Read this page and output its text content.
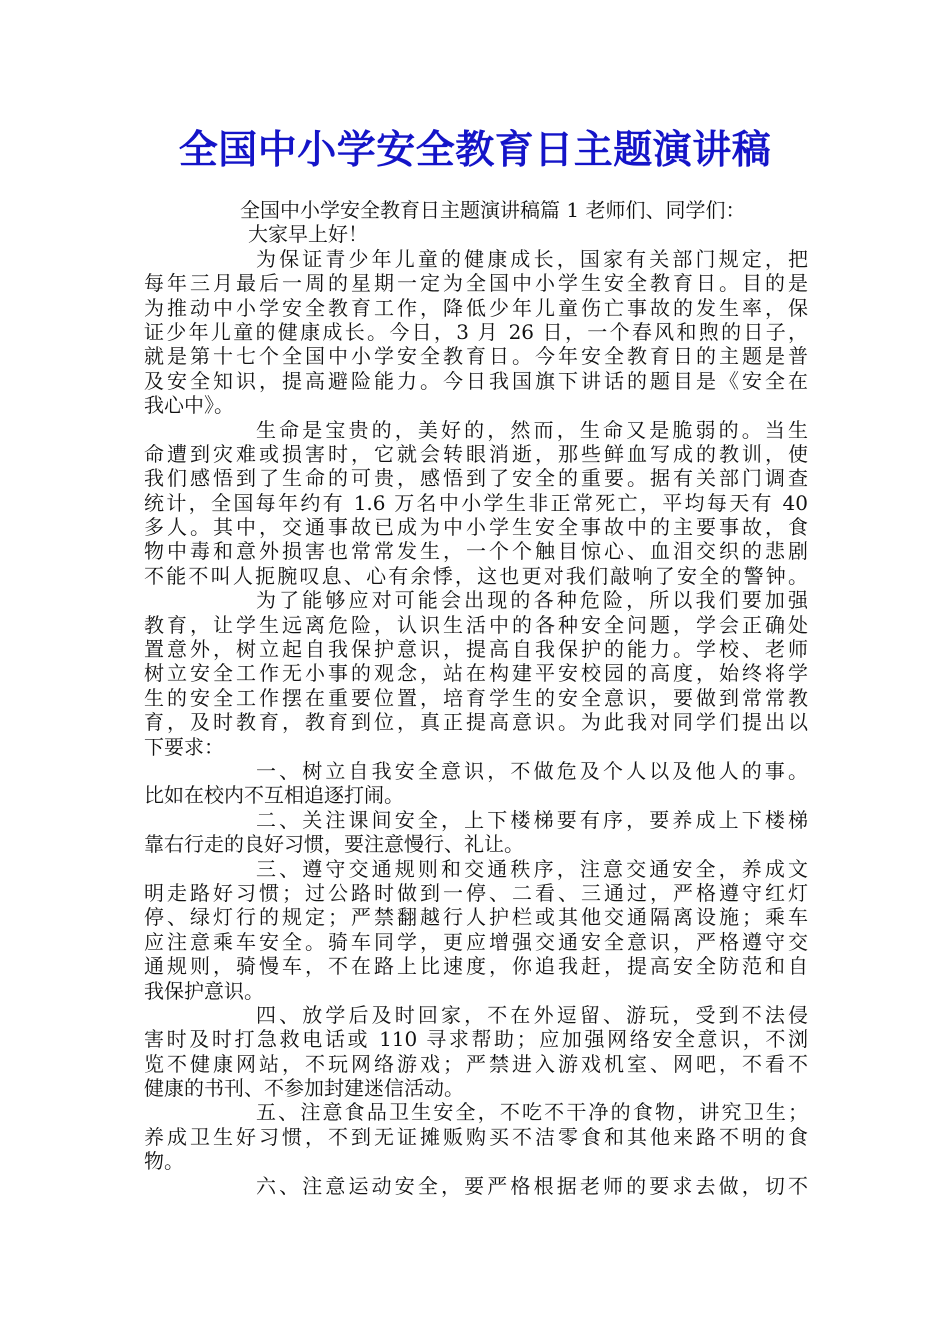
全国中小学安全教育日主题演讲稿
全国中小学安全教育日主题演讲稿篇 1 老师们、同学们：
大家早上好！
为保证青少年儿童的健康成长，国家有关部门规定，把
每年三月最后一周的星期一定为全国中小学生安全教育日。目的是
为推动中小学安全教育工作，降低少年儿童伤亡事故的发生率，保
证少年儿童的健康成长。今日，3 月 26 日，一个春风和煦的日子，
就是第十七个全国中小学安全教育日。今年安全教育日的主题是普
及安全知识，提高避险能力。今日我国旗下讲话的题目是《安全在
我心中》。
生命是宝贵的，美好的，然而，生命又是脆弱的。当生
命遭到灾难或损害时，它就会转眼消逝，那些鲜血写成的教训，使
我们感悟到了生命的可贵，感悟到了安全的重要。据有关部门调查
统计，全国每年约有 1.6 万名中小学生非正常死亡，平均每天有 40
多人。其中，交通事故已成为中小学生安全事故中的主要事故，食
物中毒和意外损害也常常发生，一个个触目惊心、血泪交织的悲剧
不能不叫人扼腕叹息、心有余悸，这也更对我们敲响了安全的警钟。
为了能够应对可能会出现的各种危险，所以我们要加强
教育，让学生远离危险，认识生活中的各种安全问题，学会正确处
置意外，树立起自我保护意识，提高自我保护的能力。学校、老师
树立安全工作无小事的观念，站在构建平安校园的高度，始终将学
生的安全工作摆在重要位置，培育学生的安全意识，要做到常常教
育，及时教育，教育到位，真正提高意识。为此我对同学们提出以
下要求：
一、树立自我安全意识，不做危及个人以及他人的事。
比如在校内不互相追逐打闹。
二、关注课间安全，上下楼梯要有序，要养成上下楼梯
靠右行走的良好习惯，要注意慢行、礼让。
三、遵守交通规则和交通秩序，注意交通安全，养成文
明走路好习惯；过公路时做到一停、二看、三通过，严格遵守红灯
停、绿灯行的规定；严禁翻越行人护栏或其他交通隔离设施；乘车
应注意乘车安全。骑车同学，更应增强交通安全意识，严格遵守交
通规则，骑慢车，不在路上比速度，你追我赶，提高安全防范和自
我保护意识。
四、放学后及时回家，不在外逗留、游玩，受到不法侵
害时及时打急救电话或 110 寻求帮助；应加强网络安全意识，不浏
览不健康网站，不玩网络游戏；严禁进入游戏机室、网吧，不看不
健康的书刊、不参加封建迷信活动。
五、注意食品卫生安全，不吃不干净的食物，讲究卫生；
养成卫生好习惯，不到无证摊贩购买不洁零食和其他来路不明的食
物。
六、注意运动安全，要严格根据老师的要求去做，切不
